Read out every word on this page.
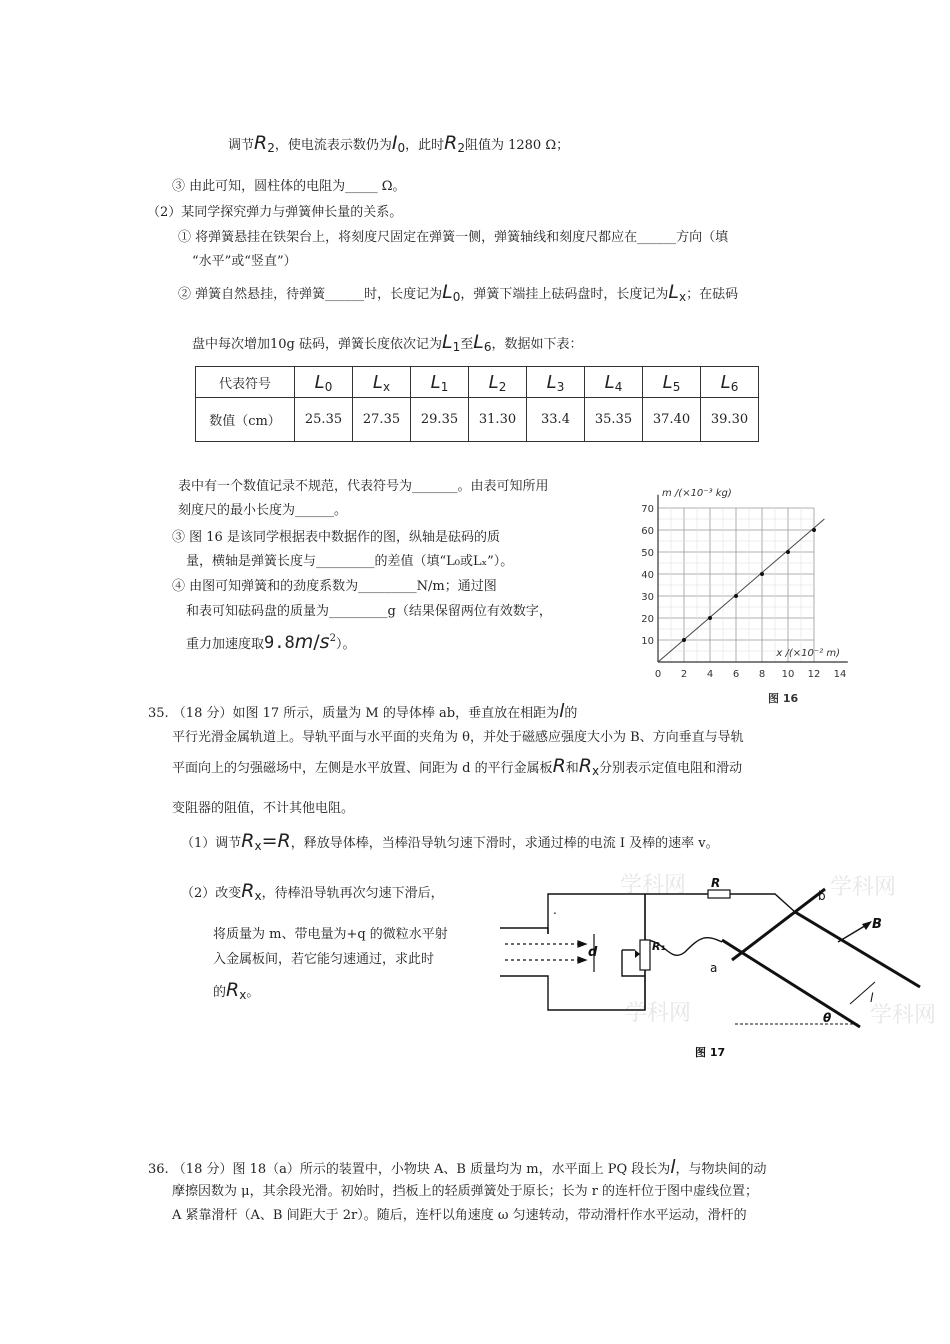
调节R2，使电流表示数仍为I0，此时R2阻值为 1280 Ω；
③ 由此可知，圆柱体的电阻为_____ Ω。
（2）某同学探究弹力与弹簧伸长量的关系。
① 将弹簧悬挂在铁架台上，将刻度尺固定在弹簧一侧，弹簧轴线和刻度尺都应在______方向（填
“水平”或“竖直”）
② 弹簧自然悬挂，待弹簧______时，长度记为L0，弹簧下端挂上砝码盘时，长度记为Lx；在砝码
盘中每次增加10g 砝码，弹簧长度依次记为L1至L6，数据如下表：
代表符号	L0	Lx	L1	L2	L3	L4	L5	L6
数值（cm）	25.35	27.35	29.35	31.30	33.4	35.35	37.40	39.30
表中有一个数值记录不规范，代表符号为_______。由表可知所用
刻度尺的最小长度为______。
③ 图 16 是该同学根据表中数据作的图，纵轴是砝码的质
量，横轴是弹簧长度与_________的差值（填“L₀或Lₓ”）。
④ 由图可知弹簧和的劲度系数为_________N/m；通过图
和表可知砝码盘的质量为_________g（结果保留两位有效数字，
重力加速度取$9.8m/s^2$）。	10
20
30
40
50
60
70
0 2 4 6 8 10 12 14
m /(×10⁻³ kg)
x /(×10⁻² m)
图 16
35. （18 分）如图 17 所示，质量为 M 的导体棒 ab，垂直放在相距为l的
平行光滑金属轨道上。导轨平面与水平面的夹角为 θ，并处于磁感应强度大小为 B、方向垂直与导轨
平面向上的匀强磁场中，左侧是水平放置、间距为 d 的平行金属板R和Rx分别表示定值电阻和滑动
变阻器的阻值，不计其他电阻。
（1）调节Rx=R，释放导体棒，当棒沿导轨匀速下滑时，求通过棒的电流 I 及棒的速率 v。
（2）改变Rx，待棒沿导轨再次匀速下滑后，
将质量为 m、带电量为+q 的微粒水平射
入金属板间，若它能匀速通过，求此时
的Rx。
学科网	学科网
学科网	学科网
R
R₁
d
a
b
B
l
θ
.
图 17
36. （18 分）图 18（a）所示的装置中，小物块 A、B 质量均为 m，水平面上 PQ 段长为l，与物块间的动
摩擦因数为 μ，其余段光滑。初始时，挡板上的轻质弹簧处于原长；长为 r 的连杆位于图中虚线位置；
A 紧靠滑杆（A、B 间距大于 2r）。随后，连杆以角速度 ω 匀速转动，带动滑杆作水平运动，滑杆的
